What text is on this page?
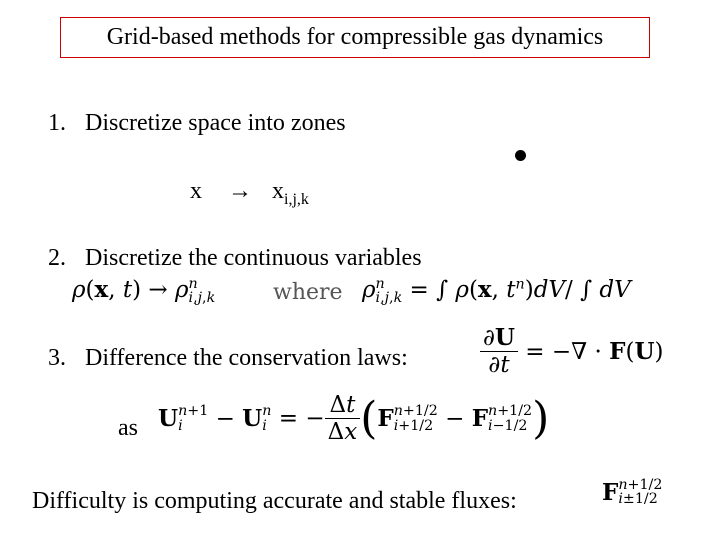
Grid-based methods for compressible gas dynamics
1. Discretize space into zones
$x \to x_{i,j,k}$
2. Discretize the continuous variables
ρ(x, t) → ρ n
i,j,k	where ρ n
i,j,k = ∫ ρ(x, $t^n)dV/$ ∫ dV
3. Difference the conservation laws:	$\frac{\partial U}{\partial t}$ = −∇ · F(U)
as U n+1
i	− U n
i = − $\frac{\Delta t}{\Delta x} (F$ n+1/2
i+1/2 − F n+1/2
i−1/2 )
Difficulty is computing accurate and stable fluxes:	F n+1/2
i±1/2
